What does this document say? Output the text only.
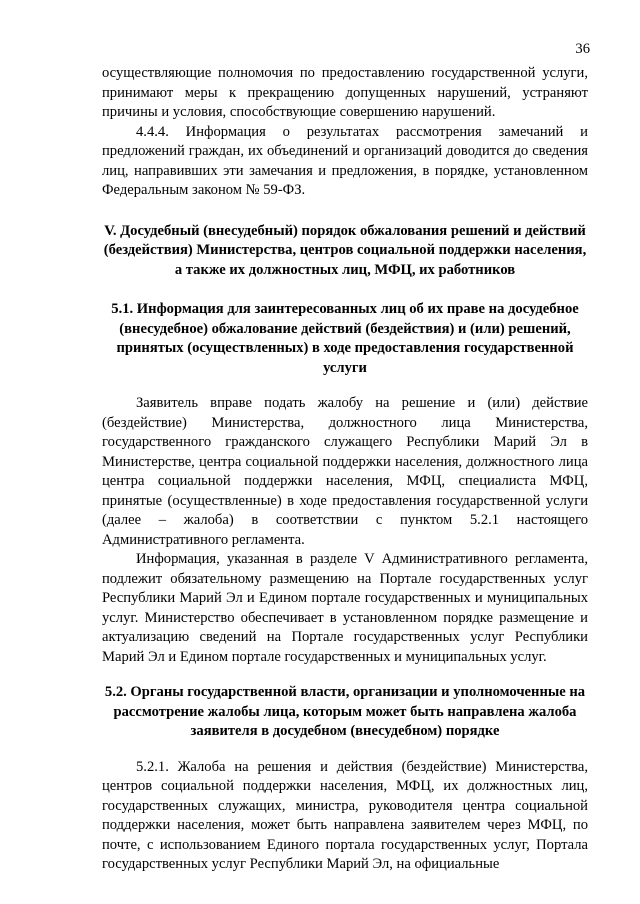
36

осуществляющие полномочия по предоставлению государственной услуги, принимают меры к прекращению допущенных нарушений, устраняют причины и условия, способствующие совершению нарушений.

4.4.4. Информация о результатах рассмотрения замечаний и предложений граждан, их объединений и организаций доводится до сведения лиц, направивших эти замечания и предложения, в порядке, установленном Федеральным законом № 59-ФЗ.

V. Досудебный (внесудебный) порядок обжалования решений и действий (бездействия) Министерства, центров социальной поддержки населения, а также их должностных лиц, МФЦ, их работников
5.1. Информация для заинтересованных лиц об их праве на досудебное (внесудебное) обжалование действий (бездействия) и (или) решений, принятых (осуществленных) в ходе предоставления государственной услуги

Заявитель вправе подать жалобу на решение и (или) действие (бездействие) Министерства, должностного лица Министерства, государственного гражданского служащего Республики Марий Эл в Министерстве, центра социальной поддержки населения, должностного лица центра социальной поддержки населения, МФЦ, специалиста МФЦ, принятые (осуществленные) в ходе предоставления государственной услуги (далее – жалоба) в соответствии с пунктом 5.2.1 настоящего Административного регламента.

Информация, указанная в разделе V Административного регламента, подлежит обязательному размещению на Портале государственных услуг Республики Марий Эл и Едином портале государственных и муниципальных услуг. Министерство обеспечивает в установленном порядке размещение и актуализацию сведений на Портале государственных услуг Республики Марий Эл и Едином портале государственных и муниципальных услуг.

5.2. Органы государственной власти, организации и уполномоченные на рассмотрение жалобы лица, которым может быть направлена жалоба заявителя в досудебном (внесудебном) порядке

5.2.1. Жалоба на решения и действия (бездействие) Министерства, центров социальной поддержки населения, МФЦ, их должностных лиц, государственных служащих, министра, руководителя центра социальной поддержки населения, может быть направлена заявителем через МФЦ, по почте, с использованием Единого портала государственных услуг, Портала государственных услуг Республики Марий Эл, на официальные
